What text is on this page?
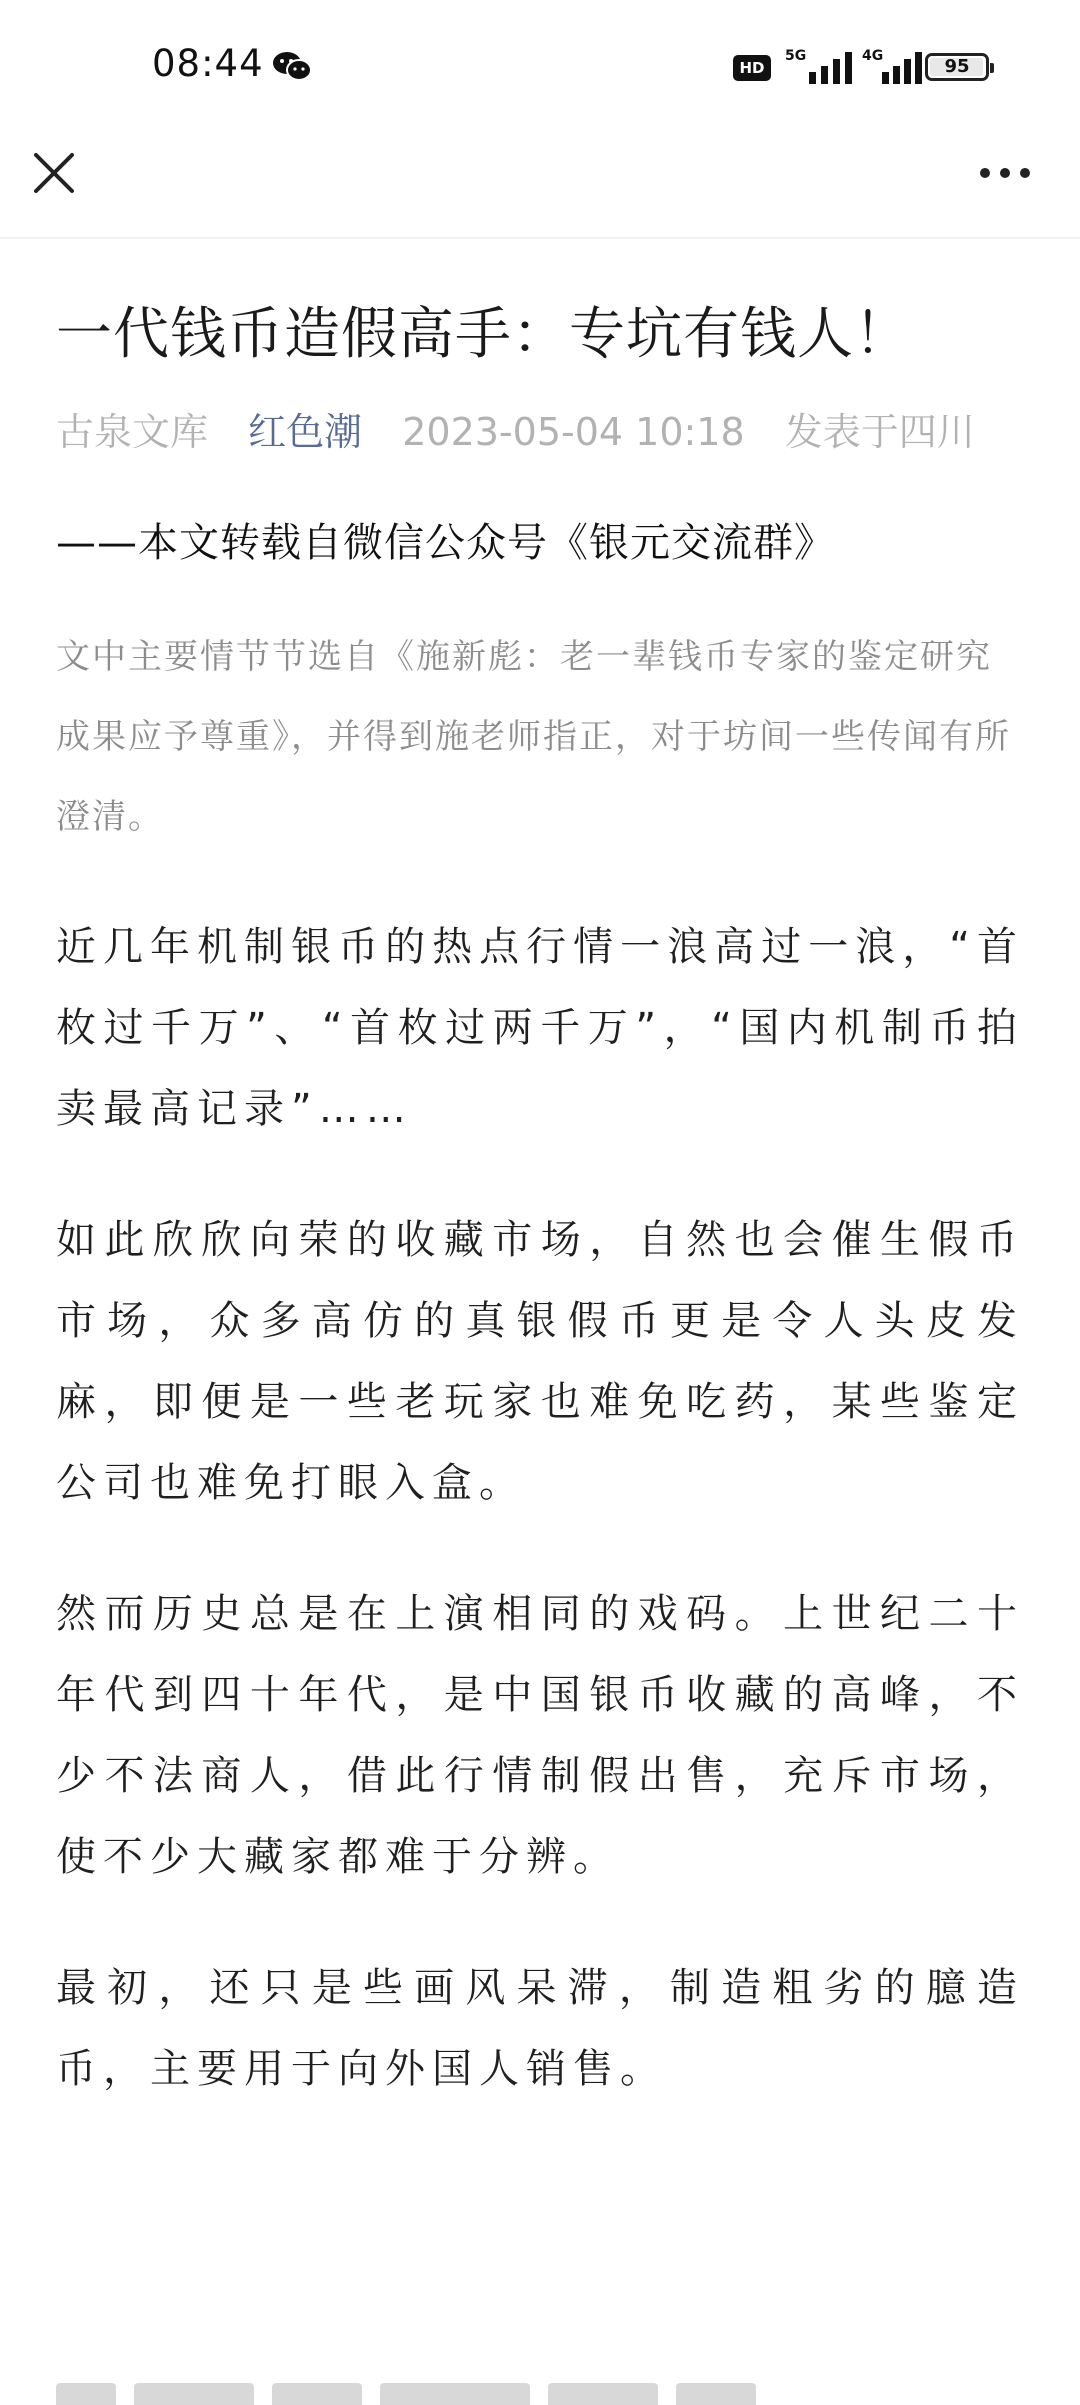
08:44	HD
5G	4G	95
一代钱币造假高手：专坑有钱人！
古泉文库 红色潮 2023-05-04 10:18 发表于四川
——本文转载自微信公众号《银元交流群》
文中主要情节节选自《施新彪：老一辈钱币专家的鉴定研究成果应予尊重》，并得到施老师指正，对于坊间一些传闻有所澄清。

近几年机制银币的热点行情一浪高过一浪，“首枚过千万”、“首枚过两千万”，“国内机制币拍卖最高记录”……

如此欣欣向荣的收藏市场，自然也会催生假币市场，众多高仿的真银假币更是令人头皮发麻，即便是一些老玩家也难免吃药，某些鉴定公司也难免打眼入盒。

然而历史总是在上演相同的戏码。上世纪二十年代到四十年代，是中国银币收藏的高峰，不少不法商人，借此行情制假出售，充斥市场，使不少大藏家都难于分辨。

最初，还只是些画风呆滞，制造粗劣的臆造币，主要用于向外国人销售。
